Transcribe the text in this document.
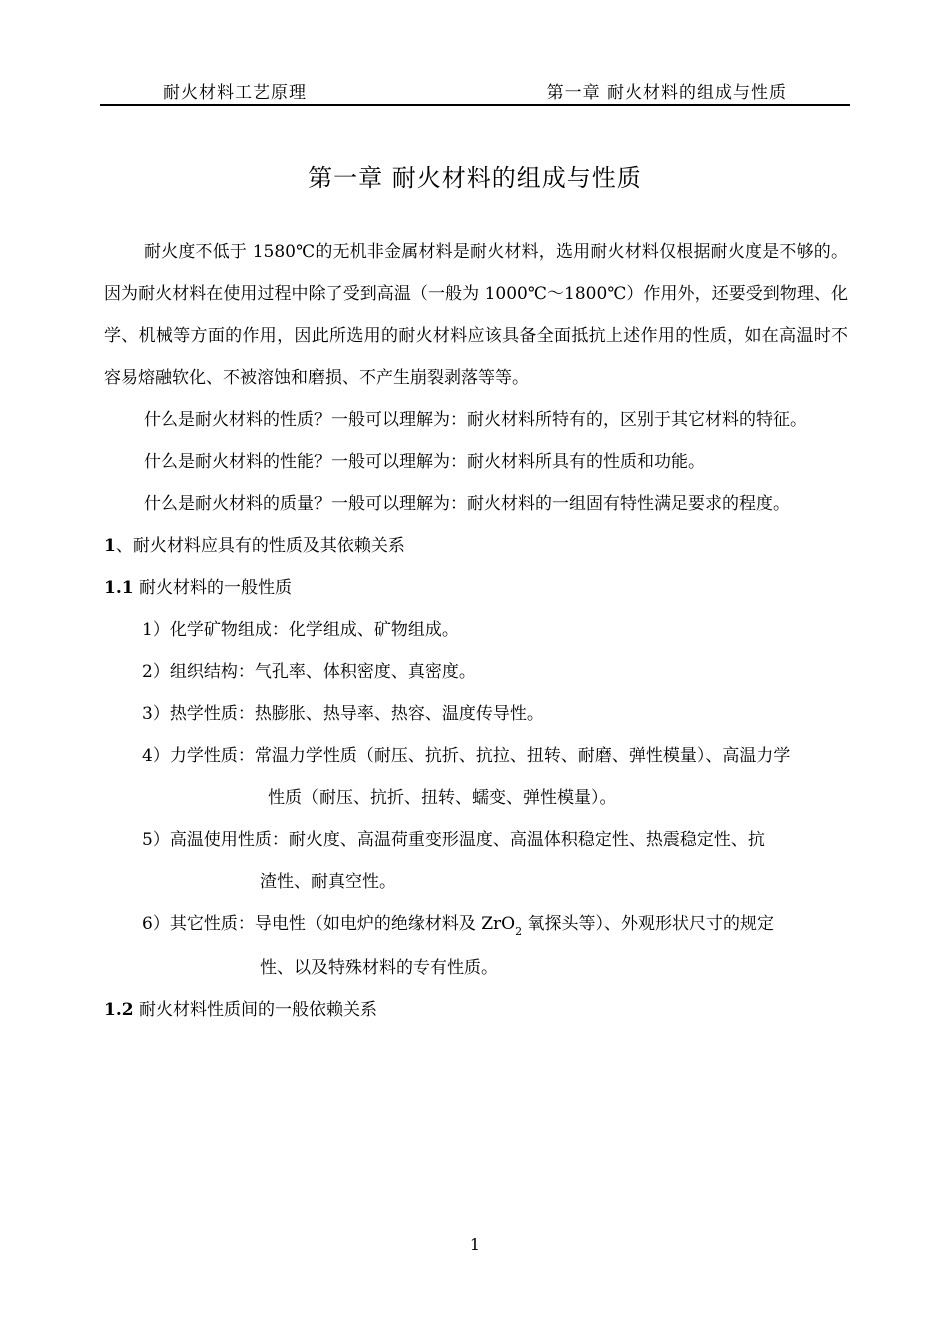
耐火材料工艺原理	第一章 耐火材料的组成与性质
第一章 耐火材料的组成与性质

耐火度不低于 1580℃的无机非金属材料是耐火材料，选用耐火材料仅根据耐火度是不够的。因为耐火材料在使用过程中除了受到高温（一般为 1000℃～1800℃）作用外，还要受到物理、化学、机械等方面的作用，因此所选用的耐火材料应该具备全面抵抗上述作用的性质，如在高温时不容易熔融软化、不被溶蚀和磨损、不产生崩裂剥落等等。

什么是耐火材料的性质？一般可以理解为：耐火材料所特有的，区别于其它材料的特征。

什么是耐火材料的性能？一般可以理解为：耐火材料所具有的性质和功能。

什么是耐火材料的质量？一般可以理解为：耐火材料的一组固有特性满足要求的程度。

1、耐火材料应具有的性质及其依赖关系

1.1 耐火材料的一般性质

1）化学矿物组成：化学组成、矿物组成。
2）组织结构：气孔率、体积密度、真密度。
3）热学性质：热膨胀、热导率、热容、温度传导性。
4）力学性质：常温力学性质（耐压、抗折、抗拉、扭转、耐磨、弹性模量）、高温力学
性质（耐压、抗折、扭转、蠕变、弹性模量）。
5）高温使用性质：耐火度、高温荷重变形温度、高温体积稳定性、热震稳定性、抗
渣性、耐真空性。
6）其它性质：导电性（如电炉的绝缘材料及 ZrO$_2$ 氧探头等）、外观形状尺寸的规定
性、以及特殊材料的专有性质。

1.2 耐火材料性质间的一般依赖关系

1
